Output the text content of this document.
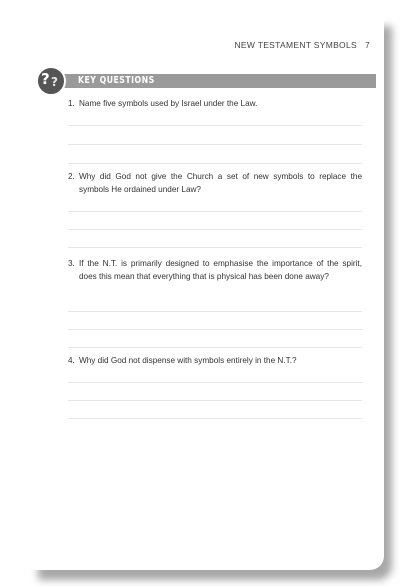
NEW TESTAMENT SYMBOLS 7
KEY QUESTIONS
? ?
1. Name five symbols used by Israel under the Law.
2. Why did God not give the Church a set of new symbols to replace the symbols He ordained under Law?
3. If the N.T. is primarily designed to emphasise the importance of the spirit, does this mean that everything that is physical has been done away?
4. Why did God not dispense with symbols entirely in the N.T.?
